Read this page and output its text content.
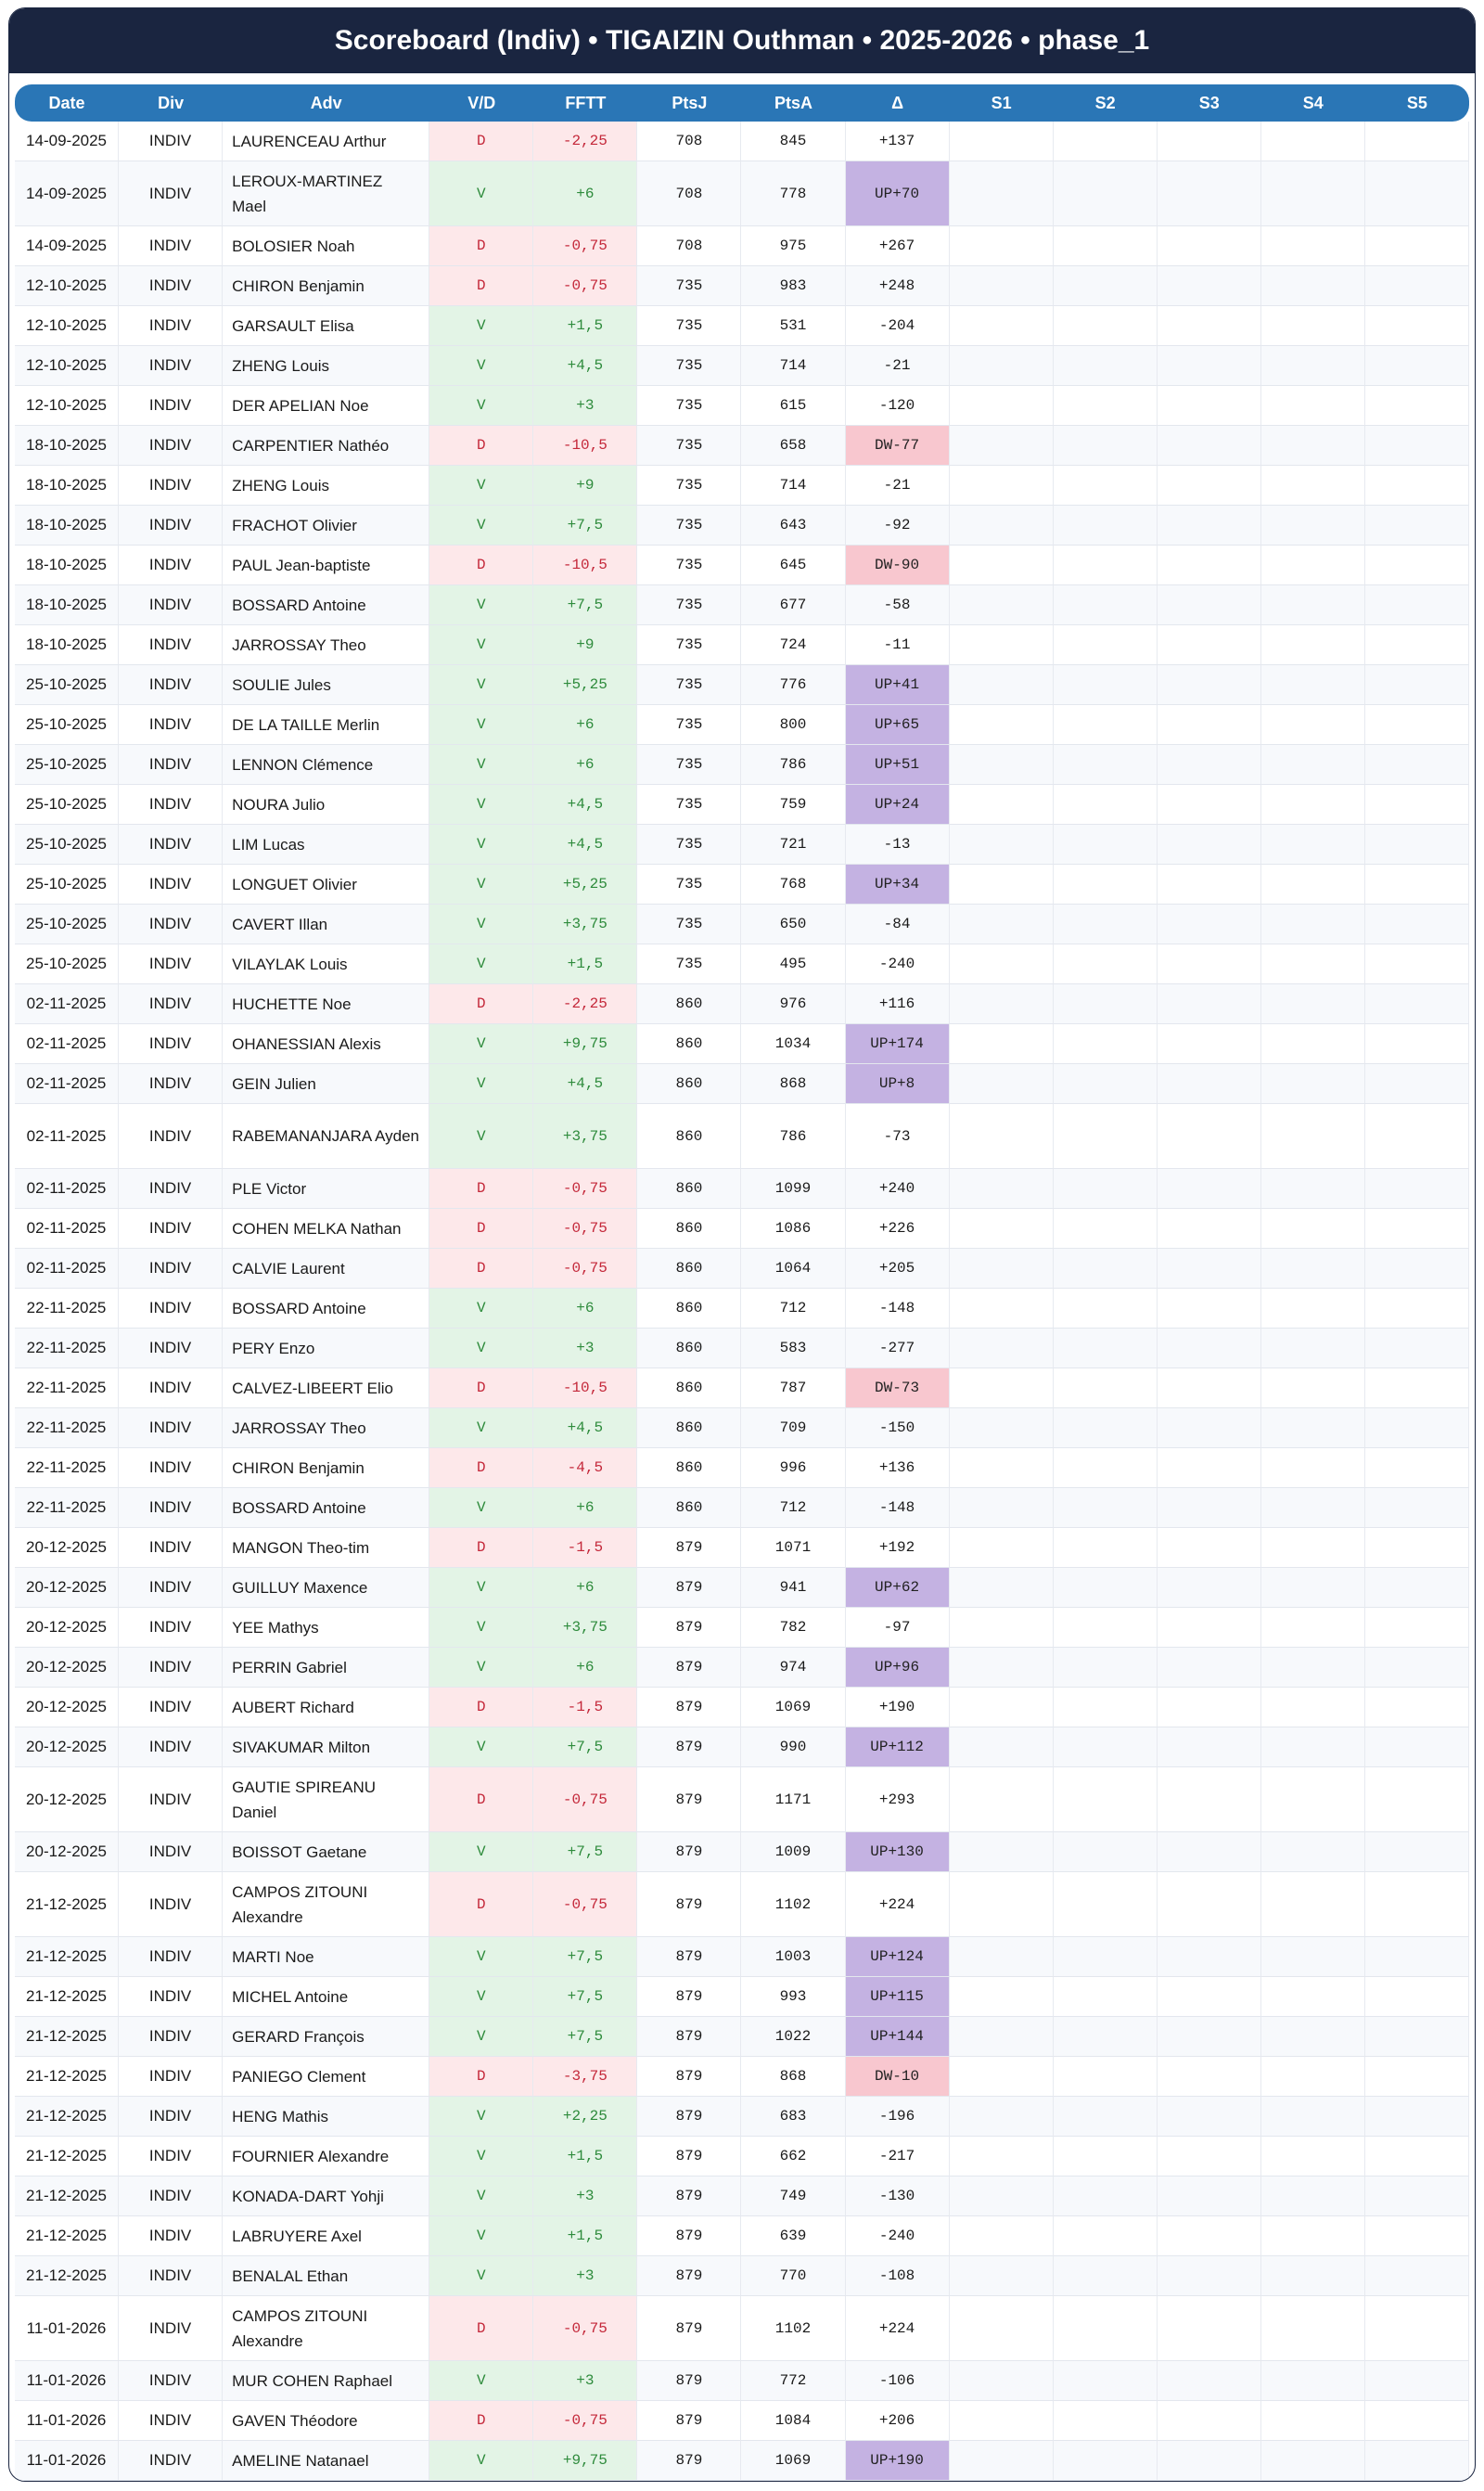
Scoreboard (Indiv) • TIGAIZIN Outhman • 2025-2026 • phase_1
Date	Div	Adv	V/D	FFTT	PtsJ	PtsA	Δ	S1	S2	S3	S4	S5
14-09-2025	INDIV	LAURENCEAU Arthur	D	-2,25	708	845	+137					
14-09-2025	INDIV	LEROUX-MARTINEZ Mael	V	+6	708	778	UP+70					
14-09-2025	INDIV	BOLOSIER Noah	D	-0,75	708	975	+267					
12-10-2025	INDIV	CHIRON Benjamin	D	-0,75	735	983	+248					
12-10-2025	INDIV	GARSAULT Elisa	V	+1,5	735	531	-204					
12-10-2025	INDIV	ZHENG Louis	V	+4,5	735	714	-21					
12-10-2025	INDIV	DER APELIAN Noe	V	+3	735	615	-120					
18-10-2025	INDIV	CARPENTIER Nathéo	D	-10,5	735	658	DW-77					
18-10-2025	INDIV	ZHENG Louis	V	+9	735	714	-21					
18-10-2025	INDIV	FRACHOT Olivier	V	+7,5	735	643	-92					
18-10-2025	INDIV	PAUL Jean-baptiste	D	-10,5	735	645	DW-90					
18-10-2025	INDIV	BOSSARD Antoine	V	+7,5	735	677	-58					
18-10-2025	INDIV	JARROSSAY Theo	V	+9	735	724	-11					
25-10-2025	INDIV	SOULIE Jules	V	+5,25	735	776	UP+41					
25-10-2025	INDIV	DE LA TAILLE Merlin	V	+6	735	800	UP+65					
25-10-2025	INDIV	LENNON Clémence	V	+6	735	786	UP+51					
25-10-2025	INDIV	NOURA Julio	V	+4,5	735	759	UP+24					
25-10-2025	INDIV	LIM Lucas	V	+4,5	735	721	-13					
25-10-2025	INDIV	LONGUET Olivier	V	+5,25	735	768	UP+34					
25-10-2025	INDIV	CAVERT Illan	V	+3,75	735	650	-84					
25-10-2025	INDIV	VILAYLAK Louis	V	+1,5	735	495	-240					
02-11-2025	INDIV	HUCHETTE Noe	D	-2,25	860	976	+116					
02-11-2025	INDIV	OHANESSIAN Alexis	V	+9,75	860	1034	UP+174					
02-11-2025	INDIV	GEIN Julien	V	+4,5	860	868	UP+8					
02-11-2025	INDIV	RABEMANANJARA Ayden	V	+3,75	860	786	-73					
02-11-2025	INDIV	PLE Victor	D	-0,75	860	1099	+240					
02-11-2025	INDIV	COHEN MELKA Nathan	D	-0,75	860	1086	+226					
02-11-2025	INDIV	CALVIE Laurent	D	-0,75	860	1064	+205					
22-11-2025	INDIV	BOSSARD Antoine	V	+6	860	712	-148					
22-11-2025	INDIV	PERY Enzo	V	+3	860	583	-277					
22-11-2025	INDIV	CALVEZ-LIBEERT Elio	D	-10,5	860	787	DW-73					
22-11-2025	INDIV	JARROSSAY Theo	V	+4,5	860	709	-150					
22-11-2025	INDIV	CHIRON Benjamin	D	-4,5	860	996	+136					
22-11-2025	INDIV	BOSSARD Antoine	V	+6	860	712	-148					
20-12-2025	INDIV	MANGON Theo-tim	D	-1,5	879	1071	+192					
20-12-2025	INDIV	GUILLUY Maxence	V	+6	879	941	UP+62					
20-12-2025	INDIV	YEE Mathys	V	+3,75	879	782	-97					
20-12-2025	INDIV	PERRIN Gabriel	V	+6	879	974	UP+96					
20-12-2025	INDIV	AUBERT Richard	D	-1,5	879	1069	+190					
20-12-2025	INDIV	SIVAKUMAR Milton	V	+7,5	879	990	UP+112					
20-12-2025	INDIV	GAUTIE SPIREANU Daniel	D	-0,75	879	1171	+293					
20-12-2025	INDIV	BOISSOT Gaetane	V	+7,5	879	1009	UP+130					
21-12-2025	INDIV	CAMPOS ZITOUNI Alexandre	D	-0,75	879	1102	+224					
21-12-2025	INDIV	MARTI Noe	V	+7,5	879	1003	UP+124					
21-12-2025	INDIV	MICHEL Antoine	V	+7,5	879	993	UP+115					
21-12-2025	INDIV	GERARD François	V	+7,5	879	1022	UP+144					
21-12-2025	INDIV	PANIEGO Clement	D	-3,75	879	868	DW-10					
21-12-2025	INDIV	HENG Mathis	V	+2,25	879	683	-196					
21-12-2025	INDIV	FOURNIER Alexandre	V	+1,5	879	662	-217					
21-12-2025	INDIV	KONADA-DART Yohji	V	+3	879	749	-130					
21-12-2025	INDIV	LABRUYERE Axel	V	+1,5	879	639	-240					
21-12-2025	INDIV	BENALAL Ethan	V	+3	879	770	-108					
11-01-2026	INDIV	CAMPOS ZITOUNI Alexandre	D	-0,75	879	1102	+224					
11-01-2026	INDIV	MUR COHEN Raphael	V	+3	879	772	-106					
11-01-2026	INDIV	GAVEN Théodore	D	-0,75	879	1084	+206					
11-01-2026	INDIV	AMELINE Natanael	V	+9,75	879	1069	UP+190					
